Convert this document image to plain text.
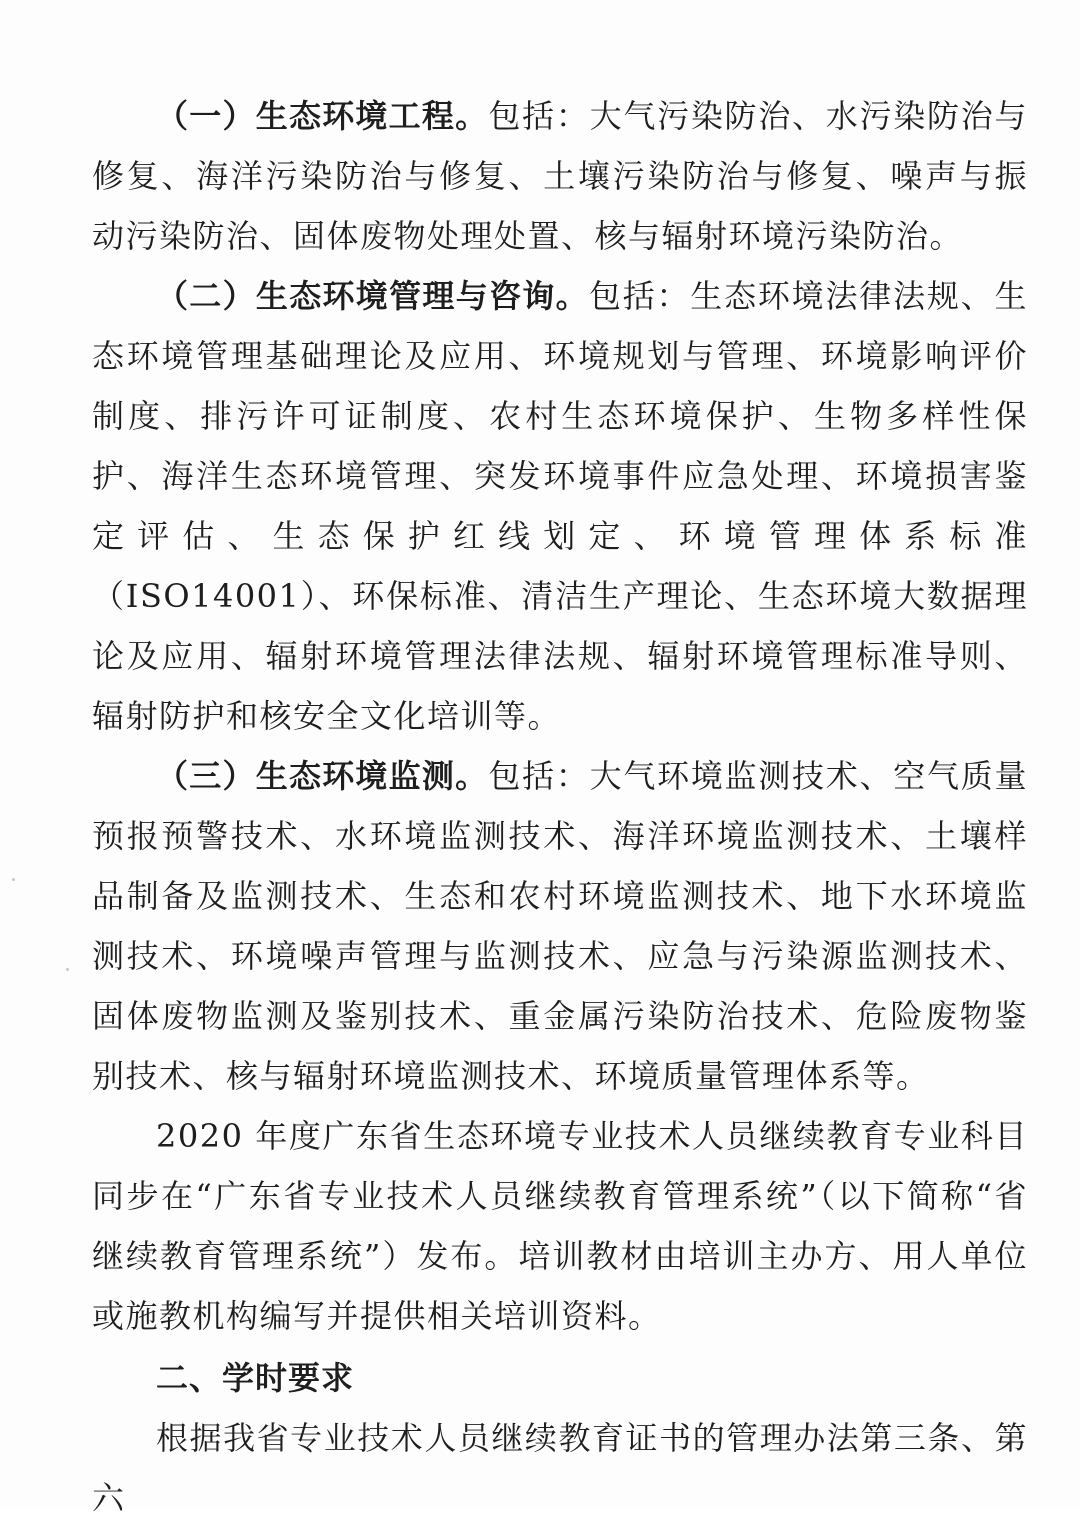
（一）生态环境工程。包括：大气污染防治、水污染防治与修复、海洋污染防治与修复、土壤污染防治与修复、噪声与振动污染防治、固体废物处理处置、核与辐射环境污染防治。

（二）生态环境管理与咨询。包括：生态环境法律法规、生态环境管理基础理论及应用、环境规划与管理、环境影响评价制度、排污许可证制度、农村生态环境保护、生物多样性保护、海洋生态环境管理、突发环境事件应急处理、环境损害鉴定评估、生态保护红线划定、环境管理体系标准（ISO14001）、环保标准、清洁生产理论、生态环境大数据理论及应用、辐射环境管理法律法规、辐射环境管理标准导则、辐射防护和核安全文化培训等。

（三）生态环境监测。包括：大气环境监测技术、空气质量预报预警技术、水环境监测技术、海洋环境监测技术、土壤样品制备及监测技术、生态和农村环境监测技术、地下水环境监测技术、环境噪声管理与监测技术、应急与污染源监测技术、固体废物监测及鉴别技术、重金属污染防治技术、危险废物鉴别技术、核与辐射环境监测技术、环境质量管理体系等。

2020 年度广东省生态环境专业技术人员继续教育专业科目同步在“广东省专业技术人员继续教育管理系统”（以下简称“省继续教育管理系统”）发布。培训教材由培训主办方、用人单位或施教机构编写并提供相关培训资料。

二、学时要求

根据我省专业技术人员继续教育证书的管理办法第三条、第六
